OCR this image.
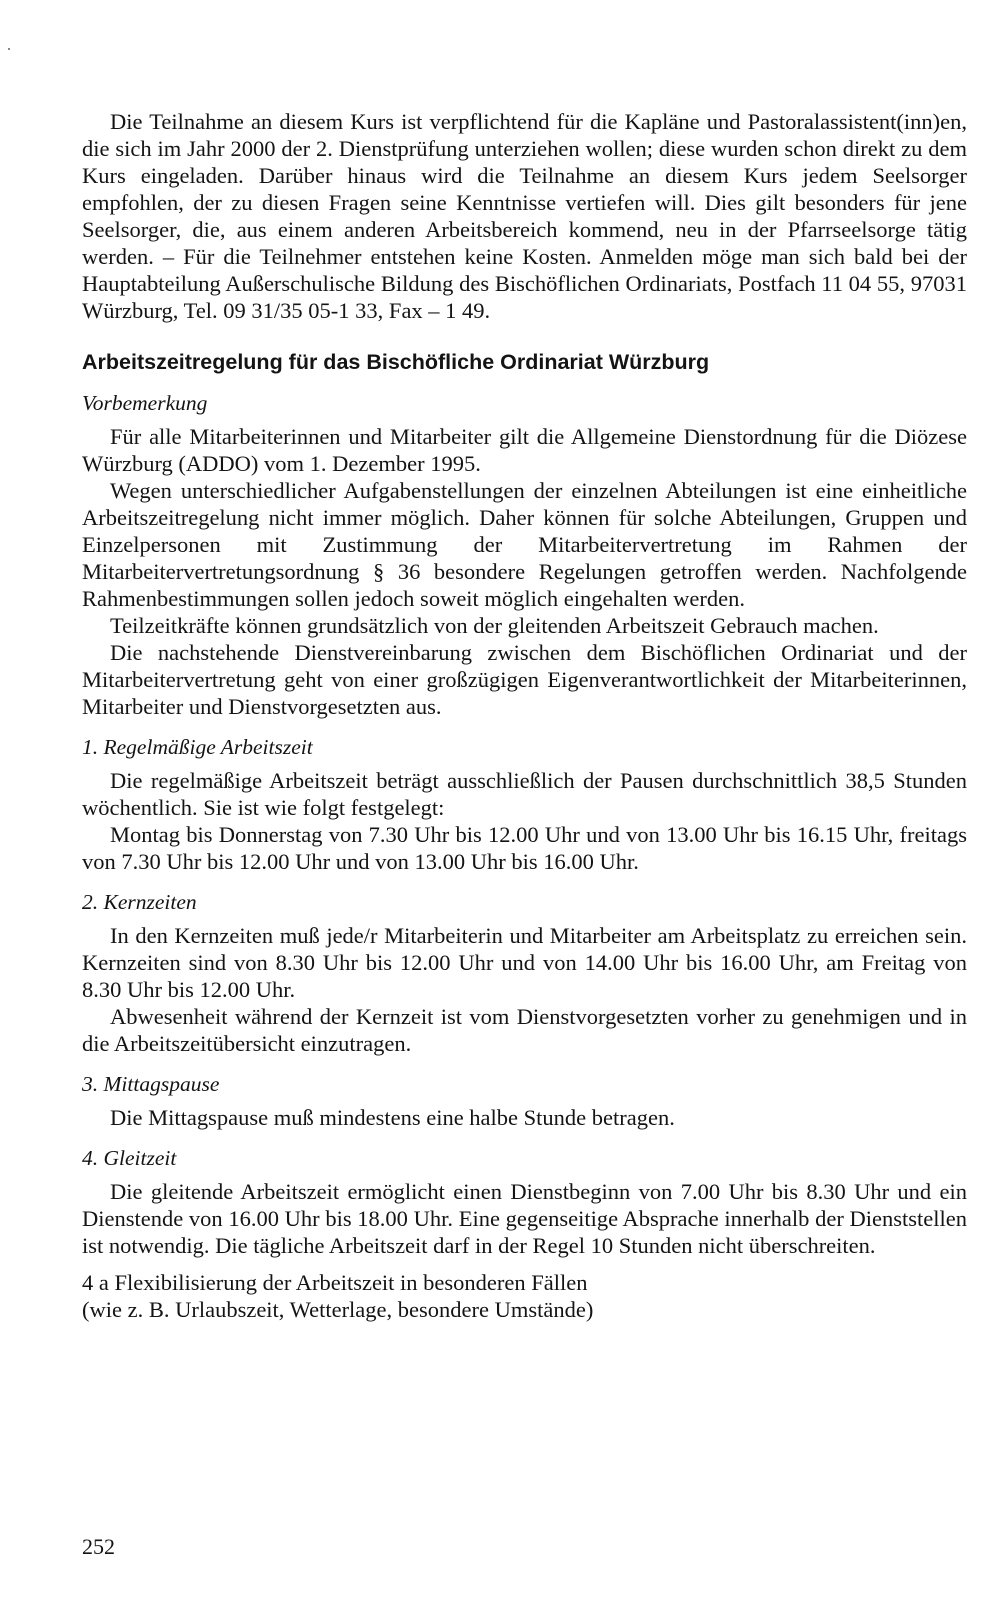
Die Teilnahme an diesem Kurs ist verpflichtend für die Kapläne und Pastoralassistent(inn)en, die sich im Jahr 2000 der 2. Dienstprüfung unterziehen wollen; diese wurden schon direkt zu dem Kurs eingeladen. Darüber hinaus wird die Teilnahme an diesem Kurs jedem Seelsorger empfohlen, der zu diesen Fragen seine Kenntnisse vertiefen will. Dies gilt besonders für jene Seelsorger, die, aus einem anderen Arbeitsbereich kommend, neu in der Pfarrseelsorge tätig werden. – Für die Teilnehmer entstehen keine Kosten. Anmelden möge man sich bald bei der Hauptabteilung Außerschulische Bildung des Bischöflichen Ordinariats, Postfach 11 04 55, 97031 Würzburg, Tel. 09 31/35 05-1 33, Fax – 1 49.

Arbeitszeitregelung für das Bischöfliche Ordinariat Würzburg
Vorbemerkung

Für alle Mitarbeiterinnen und Mitarbeiter gilt die Allgemeine Dienstordnung für die Diözese Würzburg (ADDO) vom 1. Dezember 1995.

Wegen unterschiedlicher Aufgabenstellungen der einzelnen Abteilungen ist eine einheitliche Arbeitszeitregelung nicht immer möglich. Daher können für solche Abteilungen, Gruppen und Einzelpersonen mit Zustimmung der Mitarbeitervertretung im Rahmen der Mitarbeitervertretungsordnung § 36 besondere Regelungen getroffen werden. Nachfolgende Rahmenbestimmungen sollen jedoch soweit möglich eingehalten werden.

Teilzeitkräfte können grundsätzlich von der gleitenden Arbeitszeit Gebrauch machen.

Die nachstehende Dienstvereinbarung zwischen dem Bischöflichen Ordinariat und der Mitarbeitervertretung geht von einer großzügigen Eigenverantwortlichkeit der Mitarbeiterinnen, Mitarbeiter und Dienstvorgesetzten aus.

1. Regelmäßige Arbeitszeit

Die regelmäßige Arbeitszeit beträgt ausschließlich der Pausen durchschnittlich 38,5 Stunden wöchentlich. Sie ist wie folgt festgelegt:

Montag bis Donnerstag von 7.30 Uhr bis 12.00 Uhr und von 13.00 Uhr bis 16.15 Uhr, freitags von 7.30 Uhr bis 12.00 Uhr und von 13.00 Uhr bis 16.00 Uhr.

2. Kernzeiten

In den Kernzeiten muß jede/r Mitarbeiterin und Mitarbeiter am Arbeitsplatz zu erreichen sein. Kernzeiten sind von 8.30 Uhr bis 12.00 Uhr und von 14.00 Uhr bis 16.00 Uhr, am Freitag von 8.30 Uhr bis 12.00 Uhr.

Abwesenheit während der Kernzeit ist vom Dienstvorgesetzten vorher zu genehmigen und in die Arbeitszeitübersicht einzutragen.

3. Mittagspause

Die Mittagspause muß mindestens eine halbe Stunde betragen.

4. Gleitzeit

Die gleitende Arbeitszeit ermöglicht einen Dienstbeginn von 7.00 Uhr bis 8.30 Uhr und ein Dienstende von 16.00 Uhr bis 18.00 Uhr. Eine gegenseitige Absprache innerhalb der Dienststellen ist notwendig. Die tägliche Arbeitszeit darf in der Regel 10 Stunden nicht überschreiten.

4 a Flexibilisierung der Arbeitszeit in besonderen Fällen
(wie z. B. Urlaubszeit, Wetterlage, besondere Umstände)
252
